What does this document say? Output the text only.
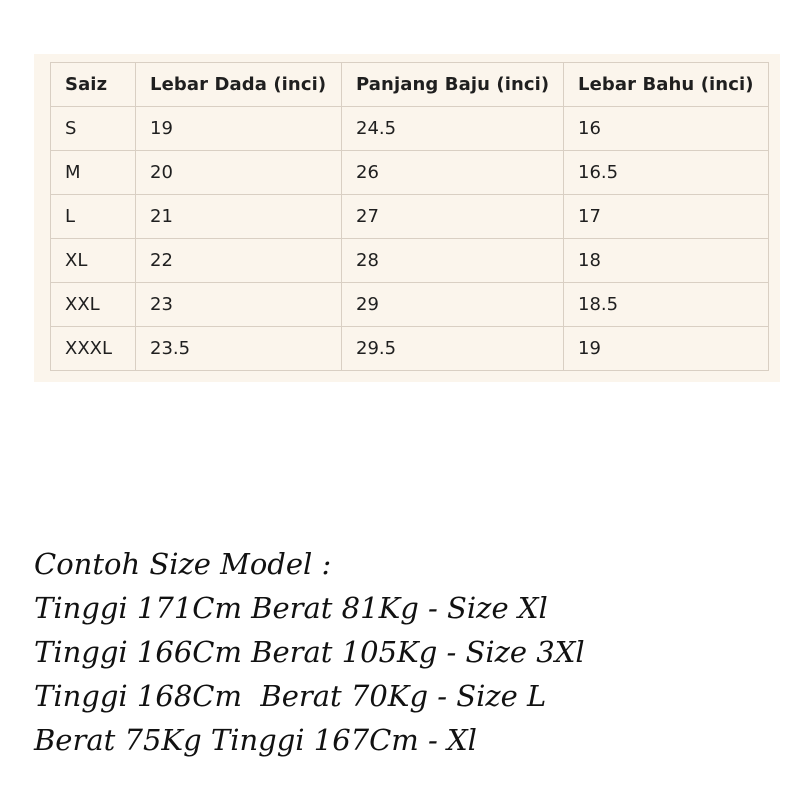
Saiz	Lebar Dada (inci)	Panjang Baju (inci)	Lebar Bahu (inci)
S	19	24.5	16
M	20	26	16.5
L	21	27	17
XL	22	28	18
XXL	23	29	18.5
XXXL	23.5	29.5	19
Contoh Size Model :
Tinggi 171Cm Berat 81Kg - Size Xl
Tinggi 166Cm Berat 105Kg - Size 3Xl
Tinggi 168Cm  Berat 70Kg - Size L
Berat 75Kg Tinggi 167Cm - Xl
